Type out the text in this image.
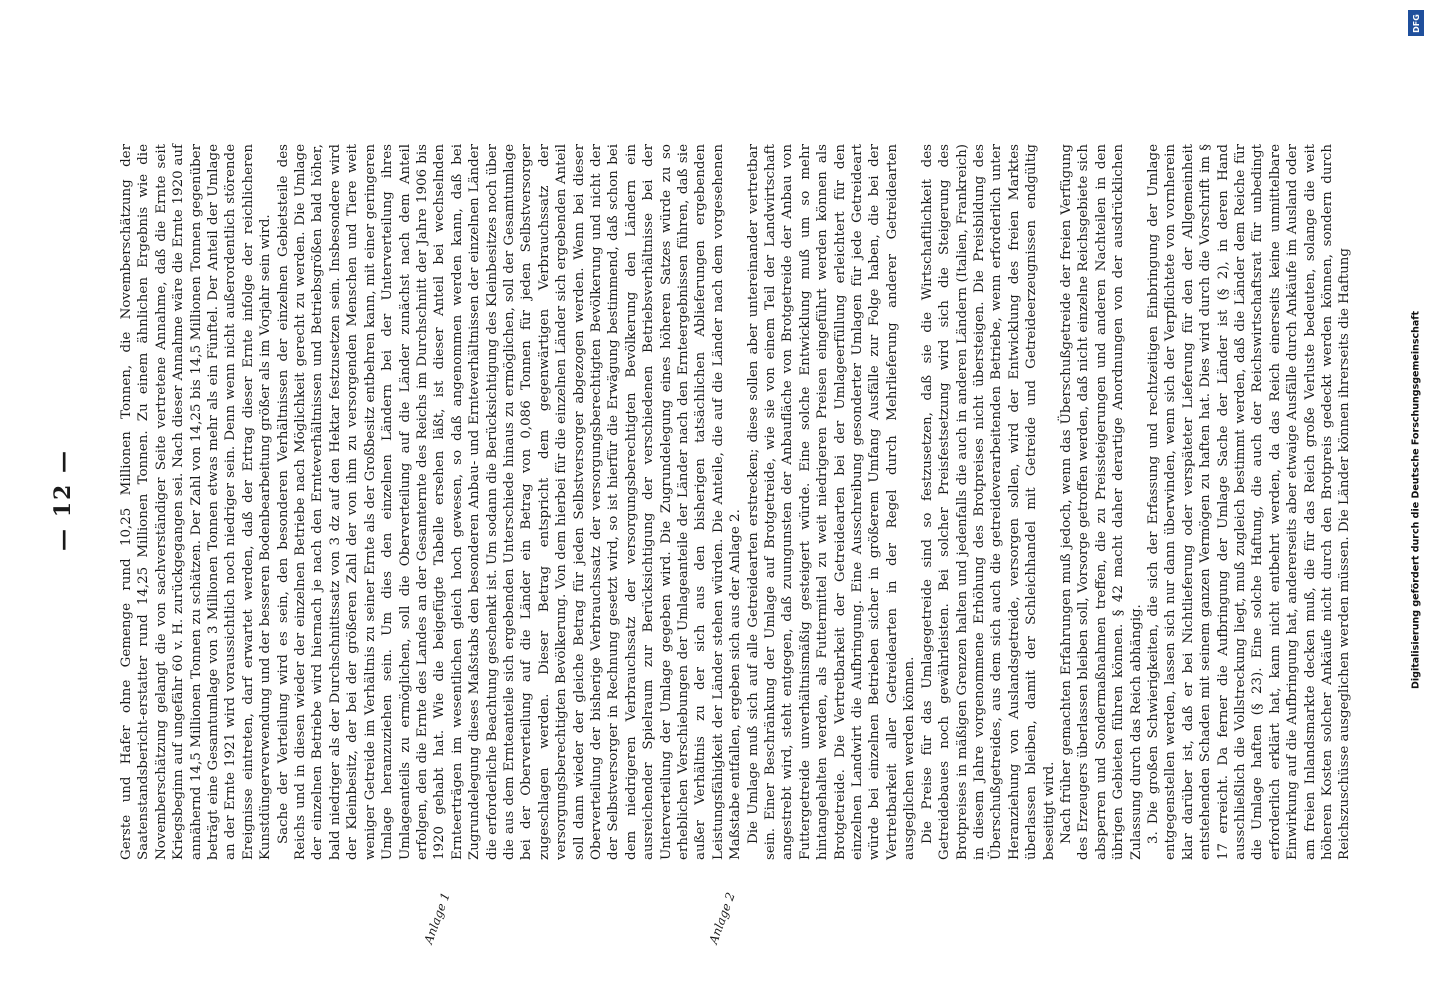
— 12 —	Gerste und Hafer ohne Gemenge rund 10,25 Millionen Tonnen, die Novemberschätzung der Saatenstandsbericht-erstatter rund 14,25 Millionen Tonnen. Zu einem ähnlichen Ergebnis wie die Novemberschätzung gelangt die von sachverständiger Seite vertretene Annahme, daß die Ernte seit Kriegsbeginn auf ungefähr 60 v. H. zurückgegangen sei. Nach dieser Annahme wäre die Ernte 1920 auf annähernd 14,5 Millionen Tonnen zu schätzen. Der Zahl von 14,25 bis 14,5 Millionen Tonnen gegenüber beträgt eine Gesamtumlage von 3 Millionen Tonnen etwas mehr als ein Fünftel. Der Anteil der Umlage an der Ernte 1921 wird voraussichtlich noch niedriger sein. Denn wenn nicht außerordentlich störende Ereignisse eintreten, darf erwartet werden, daß der Ertrag dieser Ernte infolge der reichlicheren Kunstdüngerverwendung und der besseren Bodenbearbeitung größer als im Vorjahr sein wird. Sache der Verteilung wird es sein, den besonderen Verhältnissen der einzelnen Gebietsteile des Reichs und in diesen wieder der einzelnen Betriebe nach Möglichkeit gerecht zu werden. Die Umlage der einzelnen Betriebe wird hiernach je nach den Ernteverhältnissen und Betriebsgrößen bald höher, bald niedriger als der Durchschnittssatz von 3 dz auf den Hektar festzusetzen sein. Insbesondere wird der Kleinbesitz, der bei der größeren Zahl der von ihm zu versorgenden Menschen und Tiere weit weniger Getreide im Verhältnis zu seiner Ernte als der Großbesitz entbehren kann, mit einer geringeren Umlage heranzuziehen sein. Um dies den einzelnen Ländern bei der Unterverteilung ihres Umlageanteils zu ermöglichen, soll die Oberverteilung auf die Länder zunächst nach dem Anteil erfolgen, den die Ernte des Landes an der Gesamternte des Reichs im Durchschnitt der Jahre 1906 bis 1920 gehabt hat. Wie die beigefügte Tabelle ersehen läßt, ist dieser Anteil bei wechselnden Ernteerträgen im wesentlichen gleich hoch gewesen, so daß angenommen werden kann, daß bei Zugrundelegung dieses Maßstabs den besonderen Anbau- und Ernteverhältnissen der einzelnen Länder die erforderliche Beachtung geschenkt ist. Um sodann die Berücksichtigung des Kleinbesitzes noch über die aus dem Ernteanteile sich ergebenden Unterschiede hinaus zu ermöglichen, soll der Gesamtumlage bei der Oberverteilung auf die Länder ein Betrag von 0,086 Tonnen für jeden Selbstversorger zugeschlagen werden. Dieser Betrag entspricht dem gegenwärtigen Verbrauchssatz der versorgungsberechtigten Bevölkerung. Von dem hierbei für die einzelnen Länder sich ergebenden Anteil soll dann wieder der gleiche Betrag für jeden Selbstversorger abgezogen werden. Wenn bei dieser Oberverteilung der bisherige Verbrauchssatz der versorgungsberechtigten Bevölkerung und nicht der der Selbstversorger in Rechnung gesetzt wird, so ist hierfür die Erwägung bestimmend, daß schon bei dem niedrigeren Verbrauchssatz der versorgungsberechtigten Bevölkerung den Ländern ein ausreichender Spielraum zur Berücksichtigung der verschiedenen Betriebsverhältnisse bei der Unterverteilung der Umlage gegeben wird. Die Zugrundelegung eines höheren Satzes würde zu so erheblichen Verschiebungen der Umlageanteile der Länder nach den Ernteergebnissen führen, daß sie außer Verhältnis zu der sich aus den bisherigen tatsächlichen Ablieferungen ergebenden Leistungsfähigkeit der Länder stehen würden. Die Anteile, die auf die Länder nach dem vorgesehenen Maßstabe entfallen, ergeben sich aus der Anlage 2. Die Umlage muß sich auf alle Getreidearten erstrecken; diese sollen aber untereinander vertretbar sein. Einer Beschränkung der Umlage auf Brotgetreide, wie sie von einem Teil der Landwirtschaft angestrebt wird, steht entgegen, daß zuungunsten der Anbaufläche von Brotgetreide der Anbau von Futtergetreide unverhältnismäßig gesteigert würde. Eine solche Entwicklung muß um so mehr hintangehalten werden, als Futtermittel zu weit niedrigeren Preisen eingeführt werden können als Brotgetreide. Die Vertretbarkeit der Getreidearten bei der Umlageerfüllung erleichtert für den einzelnen Landwirt die Aufbringung. Eine Ausschreibung gesonderter Umlagen für jede Getreideart würde bei einzelnen Betrieben sicher in größerem Umfang Ausfälle zur Folge haben, die bei der Vertretbarkeit aller Getreidearten in der Regel durch Mehrlieferung anderer Getreidearten ausgeglichen werden können. Die Preise für das Umlagegetreide sind so festzusetzen, daß sie die Wirtschaftlichkeit des Getreidebaues noch gewährleisten. Bei solcher Preisfestsetzung wird sich die Steigerung des Brotpreises in mäßigen Grenzen halten und jedenfalls die auch in anderen Ländern (Italien, Frankreich) in diesem Jahre vorgenommene Erhöhung des Brotpreises nicht übersteigen. Die Preisbildung des Überschußgetreides, aus dem sich auch die getreideverarbeitenden Betriebe, wenn erforderlich unter Heranziehung von Auslandsgetreide, versorgen sollen, wird der Entwicklung des freien Marktes überlassen bleiben, damit der Schleichhandel mit Getreide und Getreideerzeugnissen endgültig beseitigt wird. Nach früher gemachten Erfahrungen muß jedoch, wenn das Überschußgetreide der freien Verfügung des Erzeugers überlassen bleiben soll, Vorsorge getroffen werden, daß nicht einzelne Reichsgebiete sich absperren und Sondermaßnahmen treffen, die zu Preissteigerungen und anderen Nachteilen in den übrigen Gebieten führen können. § 42 macht daher derartige Anordnungen von der ausdrücklichen Zulassung durch das Reich abhängig. 3. Die großen Schwierigkeiten, die sich der Erfassung und rechtzeitigen Einbringung der Umlage entgegenstellen werden, lassen sich nur dann überwinden, wenn sich der Verpflichtete von vornherein klar darüber ist, daß er bei Nichtlieferung oder verspäteter Lieferung für den der Allgemeinheit entstehenden Schaden mit seinem ganzen Vermögen zu haften hat. Dies wird durch die Vorschrift im § 17 erreicht. Da ferner die Aufbringung der Umlage Sache der Länder ist (§ 2), in deren Hand ausschließlich die Vollstreckung liegt, muß zugleich bestimmt werden, daß die Länder dem Reiche für die Umlage haften (§ 23). Eine solche Haftung, die auch der Reichswirtschaftsrat für unbedingt erforderlich erklärt hat, kann nicht entbehrt werden, da das Reich einerseits keine unmittelbare Einwirkung auf die Aufbringung hat, andererseits aber etwaige Ausfälle durch Ankäufe im Ausland oder am freien Inlandsmarkte decken muß, die für das Reich große Verluste bedeuten, solange die weit höheren Kosten solcher Ankäufe nicht durch den Brotpreis gedeckt werden können, sondern durch Reichszuschüsse ausgeglichen werden müssen. Die Länder können ihrerseits die Haftung

Anlage 1	Anlage 2
DFG
Digitalisierung gefördert durch die Deutsche Forschungsgemeinschaft
